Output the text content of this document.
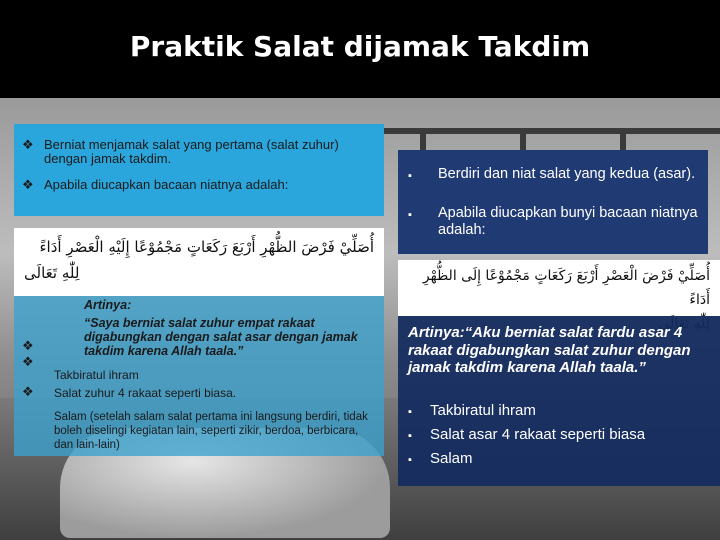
Praktik Salat dijamak Takdim
❖ Berniat menjamak salat yang pertama (salat zuhur) dengan jamak takdim.
❖ Apabila diucapkan bacaan niatnya adalah:
▪ Berdiri dan niat salat yang kedua (asar).
▪ Apabila diucapkan bunyi bacaan niatnya adalah:
أُصَلِّيْ فَرْضَ الظُّهْرِ أَرْبَعَ رَكَعَاتٍ مَجْمُوْعًا إِلَيْهِ الْعَصْرِ أَدَاءً
لِلّٰهِ تَعَالَى	أُصَلِّيْ فَرْضَ الْعَصْرِ أَرْبَعَ رَكَعَاتٍ مَجْمُوْعًا إِلَى الظُّهْرِ أَدَاءً
Artinya:
“Saya berniat salat zuhur empat rakaat digabungkan dengan salat asar dengan jamak takdim karena Allah taala.”
❖
Takbiratul ihram
❖
Salat zuhur 4 rakaat seperti biasa.
❖
Salam (setelah salam salat pertama ini langsung berdiri, tidak boleh diselingi kegiatan lain, seperti zikir, berdoa, berbicara, dan lain-lain)
Artinya:“Aku berniat salat fardu asar 4 rakaat digabungkan salat zuhur dengan jamak takdim karena Allah taala.”
▪ Takbiratul ihram
▪ Salat asar 4 rakaat seperti biasa
▪ Salam
